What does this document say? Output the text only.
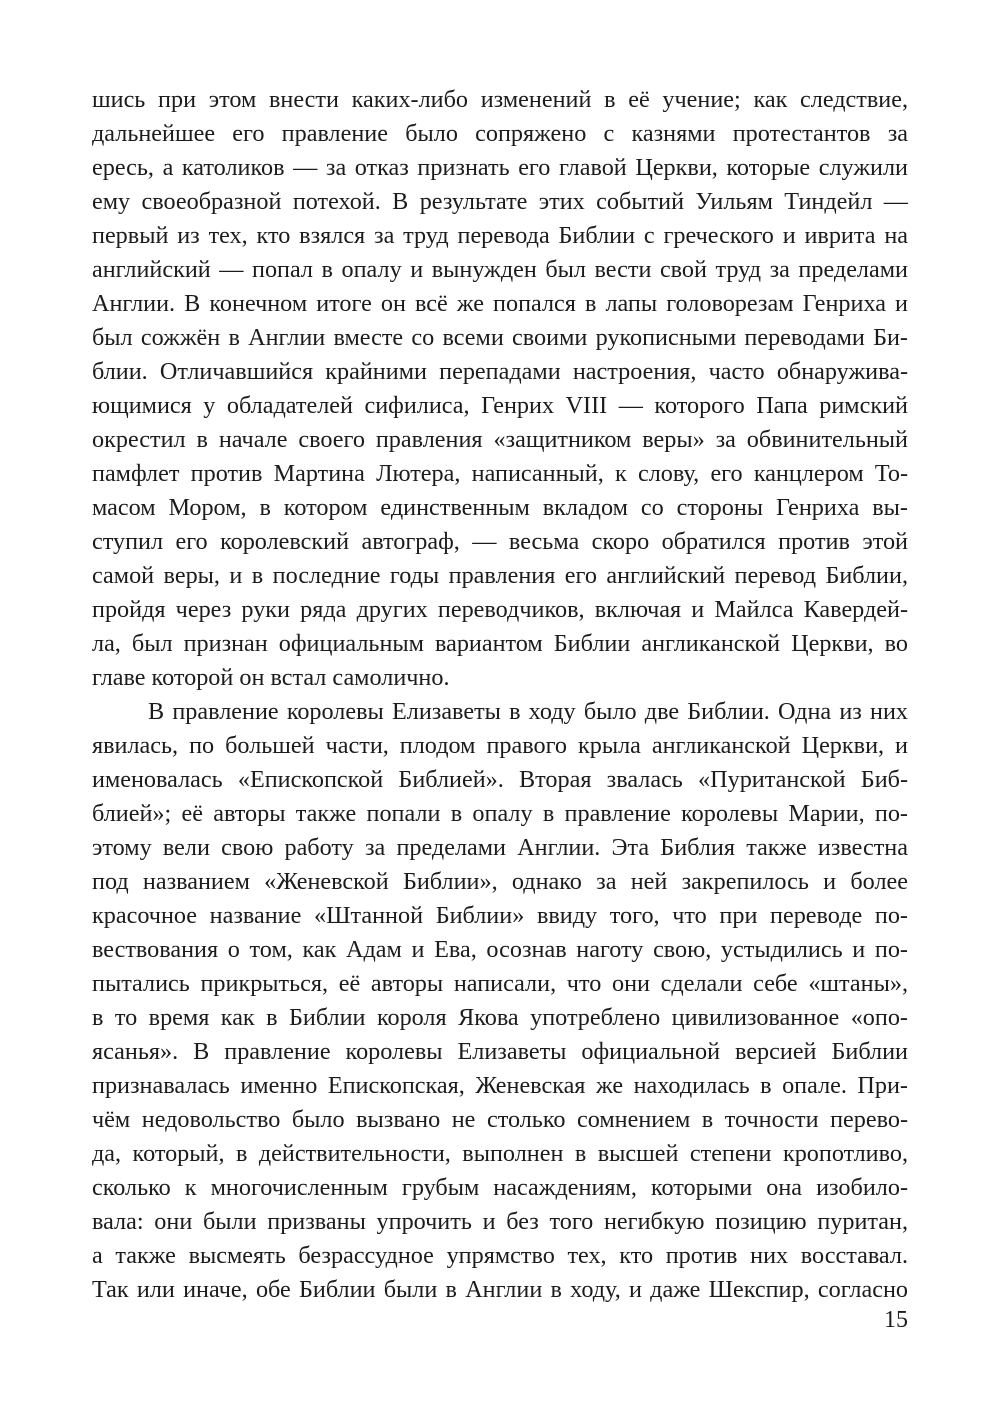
шись при этом внести каких-либо изменений в её учение; как следствие,
дальнейшее его правление было сопряжено с казнями протестантов за
ересь, а католиков — за отказ признать его главой Церкви, которые служили
ему своеобразной потехой. В результате этих событий Уильям Тиндейл —
первый из тех, кто взялся за труд перевода Библии с греческого и иврита на
английский — попал в опалу и вынужден был вести свой труд за пределами
Англии. В конечном итоге он всё же попался в лапы головорезам Генриха и
был сожжён в Англии вместе со всеми своими рукописными переводами Би-
блии. Отличавшийся крайними перепадами настроения, часто обнаружива-
ющимися у обладателей сифилиса, Генрих VIII — которого Папа римский
окрестил в начале своего правления «защитником веры» за обвинительный
памфлет против Мартина Лютера, написанный, к слову, его канцлером То-
масом Мором, в котором единственным вкладом со стороны Генриха вы-
ступил его королевский автограф, — весьма скоро обратился против этой
самой веры, и в последние годы правления его английский перевод Библии,
пройдя через руки ряда других переводчиков, включая и Майлса Кавердей-
ла, был признан официальным вариантом Библии англиканской Церкви, во
главе которой он встал самолично.
В правление королевы Елизаветы в ходу было две Библии. Одна из них
явилась, по большей части, плодом правого крыла англиканской Церкви, и
именовалась «Епископской Библией». Вторая звалась «Пуританской Биб-
блией»; её авторы также попали в опалу в правление королевы Марии, по-
этому вели свою работу за пределами Англии. Эта Библия также известна
под названием «Женевской Библии», однако за ней закрепилось и более
красочное название «Штанной Библии» ввиду того, что при переводе по-
вествования о том, как Адам и Ева, осознав наготу свою, устыдились и по-
пытались прикрыться, её авторы написали, что они сделали себе «штаны»,
в то время как в Библии короля Якова употреблено цивилизованное «опо-
ясанья». В правление королевы Елизаветы официальной версией Библии
признавалась именно Епископская, Женевская же находилась в опале. При-
чём недовольство было вызвано не столько сомнением в точности перево-
да, который, в действительности, выполнен в высшей степени кропотливо,
сколько к многочисленным грубым насаждениям, которыми она изобило-
вала: они были призваны упрочить и без того негибкую позицию пуритан,
а также высмеять безрассудное упрямство тех, кто против них восставал.
Так или иначе, обе Библии были в Англии в ходу, и даже Шекспир, согласно
15
